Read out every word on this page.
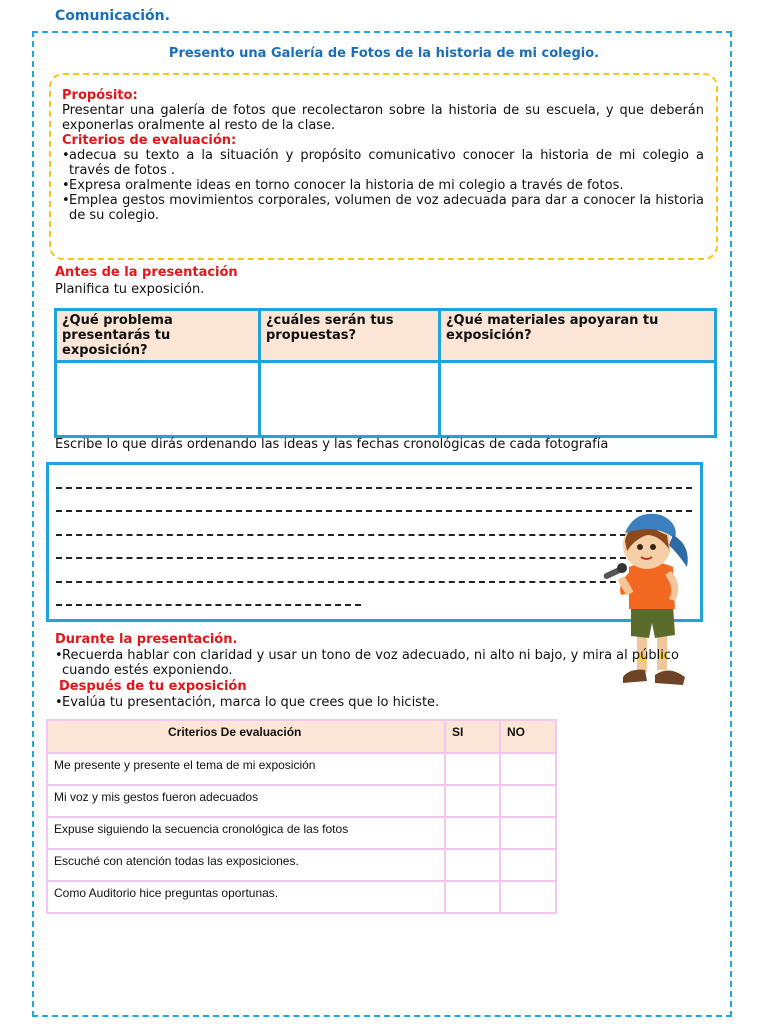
Comunicación.
Presento una Galería de Fotos de la historia de mi colegio.
Propósito:
Presentar una galería de fotos que recolectaron sobre la historia de su escuela, y que deberán exponerlas oralmente al resto de la clase.
Criterios de evaluación:
• adecua su texto a la situación y propósito comunicativo conocer la historia de mi colegio a través de fotos .
• Expresa oralmente ideas en torno conocer la historia de mi colegio a través de fotos.
• Emplea gestos movimientos corporales, volumen de voz adecuada para dar a conocer la historia de su colegio.
Antes de la presentación
Planifica tu exposición.
¿Qué problema presentarás tu exposición?	¿cuáles serán tus propuestas?	¿Qué materiales apoyaran tu exposición?

Escribe lo que dirás ordenando las ideas y las fechas cronológicas de cada fotografía
Durante la presentación.
• Recuerda hablar con claridad y usar un tono de voz adecuado, ni alto ni bajo, y mira al público cuando estés exponiendo.
Después de tu exposición
• Evalúa tu presentación, marca lo que crees que lo hiciste.
Criterios De evaluación	SI	NO
Me presente y presente el tema de mi exposición		
Mi voz y mis gestos fueron adecuados		
Expuse siguiendo la secuencia cronológica de las fotos		
Escuché con atención todas las exposiciones.		
Como Auditorio hice preguntas oportunas.		
